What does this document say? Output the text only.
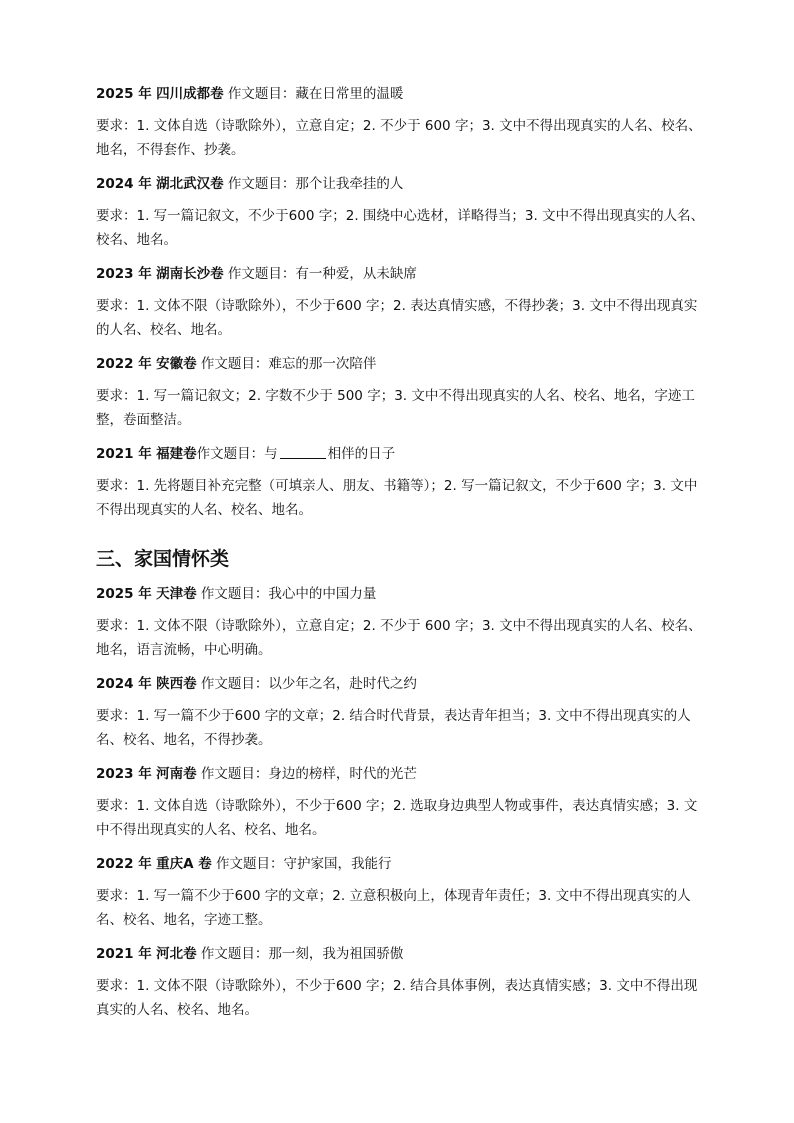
2025 年 四川成都卷 作文题目：藏在日常里的温暖

要求：1. 文体自选（诗歌除外），立意自定；2. 不少于 600 字；3. 文中不得出现真实的人名、校名、地名，不得套作、抄袭。

2024 年 湖北武汉卷 作文题目：那个让我牵挂的人

要求：1. 写一篇记叙文，不少于600 字；2. 围绕中心选材，详略得当；3. 文中不得出现真实的人名、校名、地名。

2023 年 湖南长沙卷 作文题目：有一种爱，从未缺席

要求：1. 文体不限（诗歌除外），不少于600 字；2. 表达真情实感，不得抄袭；3. 文中不得出现真实的人名、校名、地名。

2022 年 安徽卷 作文题目：难忘的那一次陪伴

要求：1. 写一篇记叙文；2. 字数不少于 500 字；3. 文中不得出现真实的人名、校名、地名，字迹工整，卷面整洁。

2021 年 福建卷作文题目：与	相伴的日子

要求：1. 先将题目补充完整（可填亲人、朋友、书籍等）；2. 写一篇记叙文，不少于600 字；3. 文中不得出现真实的人名、校名、地名。

三、家国情怀类

2025 年 天津卷 作文题目：我心中的中国力量

要求：1. 文体不限（诗歌除外），立意自定；2. 不少于 600 字；3. 文中不得出现真实的人名、校名、地名，语言流畅，中心明确。

2024 年 陕西卷 作文题目：以少年之名，赴时代之约

要求：1. 写一篇不少于600 字的文章；2. 结合时代背景，表达青年担当；3. 文中不得出现真实的人名、校名、地名，不得抄袭。

2023 年 河南卷 作文题目：身边的榜样，时代的光芒

要求：1. 文体自选（诗歌除外），不少于600 字；2. 选取身边典型人物或事件，表达真情实感；3. 文中不得出现真实的人名、校名、地名。

2022 年 重庆A 卷 作文题目：守护家国，我能行

要求：1. 写一篇不少于600 字的文章；2. 立意积极向上，体现青年责任；3. 文中不得出现真实的人名、校名、地名，字迹工整。

2021 年 河北卷 作文题目：那一刻，我为祖国骄傲

要求：1. 文体不限（诗歌除外），不少于600 字；2. 结合具体事例，表达真情实感；3. 文中不得出现真实的人名、校名、地名。
